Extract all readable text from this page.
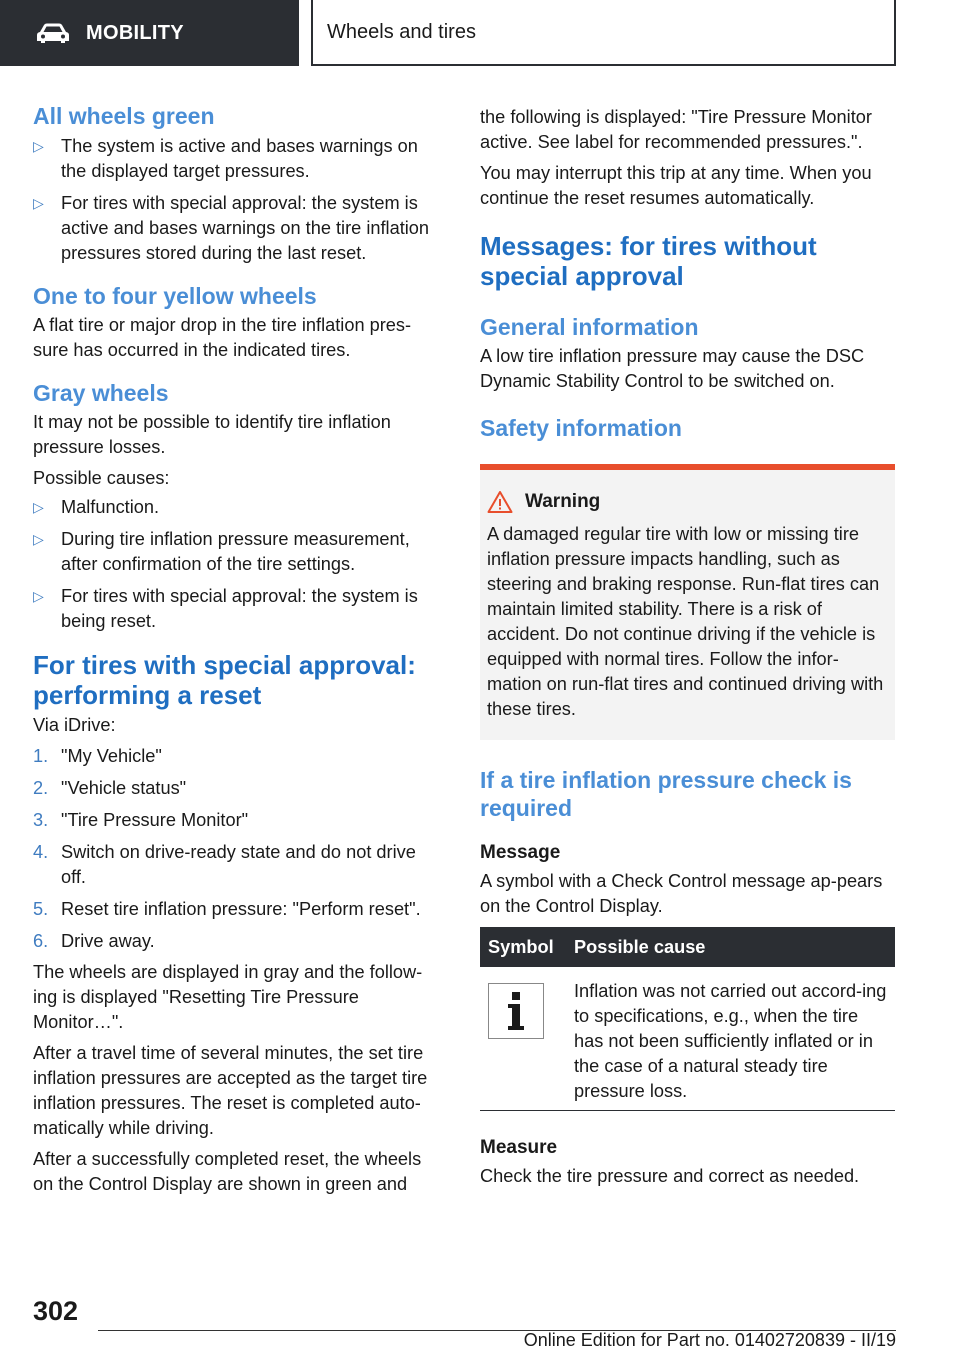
MOBILITY	Wheels and tires
All wheels green
▷ The system is active and bases warnings on the displayed target pressures.
▷ For tires with special approval: the system is active and bases warnings on the tire inflation pressures stored during the last reset.
One to four yellow wheels

A flat tire or major drop in the tire inflation pres‐sure has occurred in the indicated tires.

Gray wheels

It may not be possible to identify tire inflation pressure losses.

Possible causes:

▷ Malfunction.
▷ During tire inflation pressure measurement, after confirmation of the tire settings.
▷ For tires with special approval: the system is being reset.
For tires with special approval: performing a reset

Via iDrive:

1. "My Vehicle"
2. "Vehicle status"
3. "Tire Pressure Monitor"
4. Switch on drive-ready state and do not drive off.
5. Reset tire inflation pressure: "Perform reset".
6. Drive away.

The wheels are displayed in gray and the follow‐ing is displayed "Resetting Tire Pressure Monitor…".

After a travel time of several minutes, the set tire inflation pressures are accepted as the target tire inflation pressures. The reset is completed auto‐matically while driving.

After a successfully completed reset, the wheels on the Control Display are shown in green and

the following is displayed: "Tire Pressure Monitor active. See label for recommended pressures.".

You may interrupt this trip at any time. When you continue the reset resumes automatically.

Messages: for tires without special approval
General information

A low tire inflation pressure may cause the DSC Dynamic Stability Control to be switched on.

Safety information
Warning

A damaged regular tire with low or missing tire inflation pressure impacts handling, such as steering and braking response. Run-flat tires can maintain limited stability. There is a risk of accident. Do not continue driving if the vehicle is equipped with normal tires. Follow the infor‐mation on run-flat tires and continued driving with these tires.

If a tire inflation pressure check is required
Message

A symbol with a Check Control message ap‐pears on the Control Display.

Symbol	Possible cause

	Inflation was not carried out accord‐ing to specifications, e.g., when the tire has not been sufficiently inflated or in the case of a natural steady tire pressure loss.
Measure

Check the tire pressure and correct as needed.

302
Online Edition for Part no. 01402720839 - II/19
